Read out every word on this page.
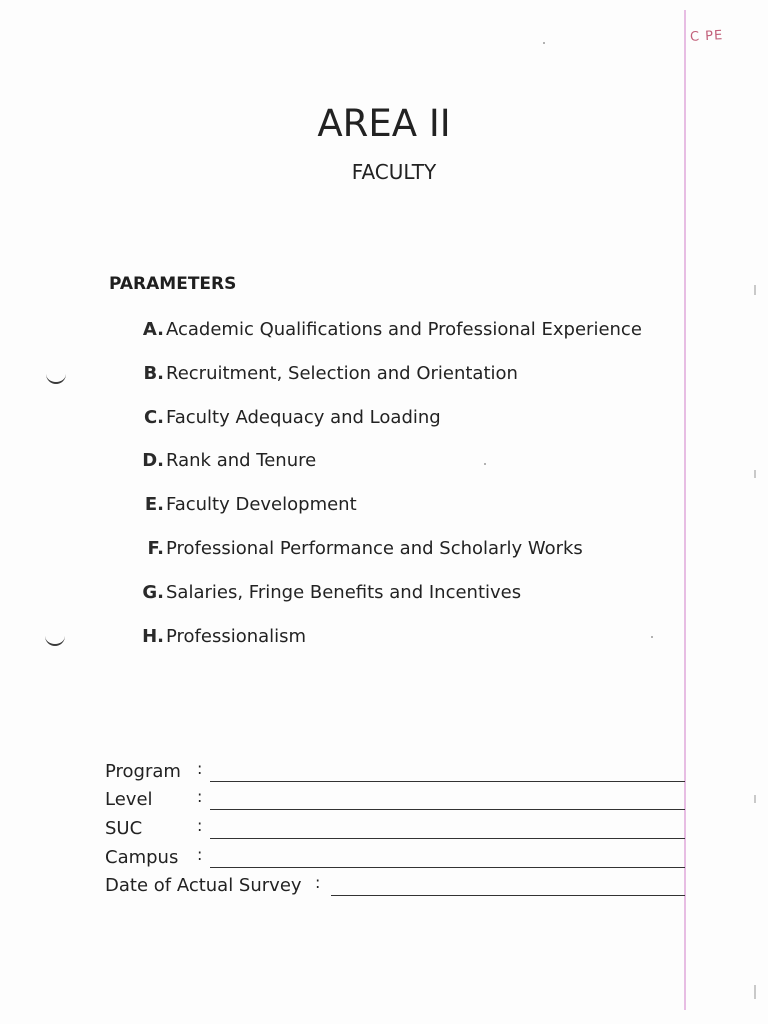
C PE
AREA II
FACULTY
PARAMETERS
A. Academic Qualifications and Professional Experience
B. Recruitment, Selection and Orientation
C. Faculty Adequacy and Loading
D. Rank and Tenure
E. Faculty Development
F. Professional Performance and Scholarly Works
G. Salaries, Fringe Benefits and Incentives
H. Professionalism
Program :
Level	:
SUC	:
Campus :
Date of Actual Survey :
